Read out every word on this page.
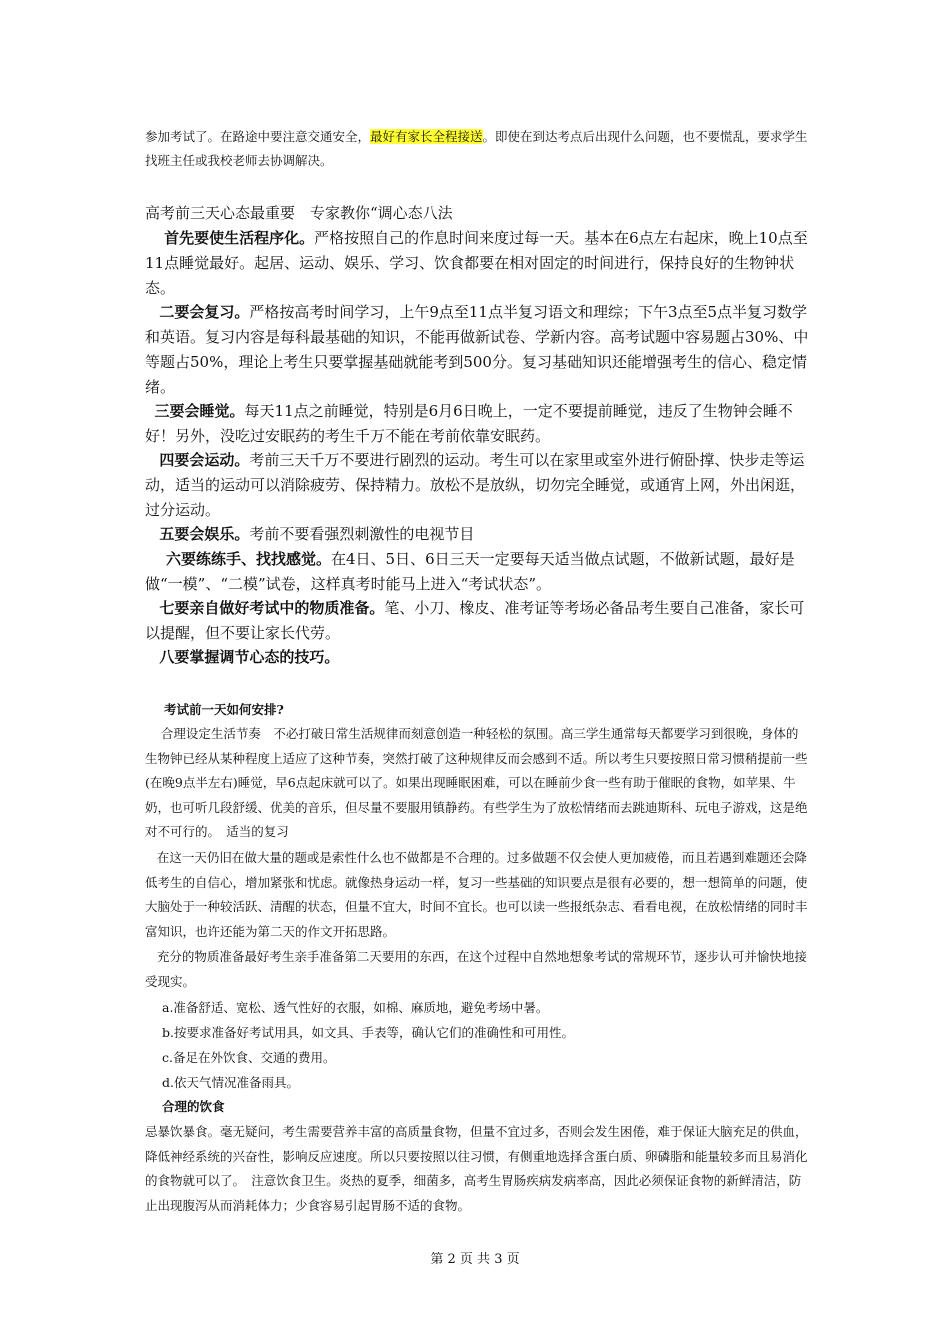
参加考试了。在路途中要注意交通安全，最好有家长全程接送。即使在到达考点后出现什么问题，也不要慌乱，要求学生找班主任或我校老师去协调解决。

高考前三天心态最重要　专家教你“调心态八法

首先要使生活程序化。严格按照自己的作息时间来度过每一天。基本在6点左右起床，晚上10点至11点睡觉最好。起居、运动、娱乐、学习、饮食都要在相对固定的时间进行，保持良好的生物钟状态。

二要会复习。严格按高考时间学习，上午9点至11点半复习语文和理综；下午3点至5点半复习数学和英语。复习内容是每科最基础的知识，不能再做新试卷、学新内容。高考试题中容易题占30%、中等题占50%，理论上考生只要掌握基础就能考到500分。复习基础知识还能增强考生的信心、稳定情绪。

三要会睡觉。每天11点之前睡觉，特别是6月6日晚上，一定不要提前睡觉，违反了生物钟会睡不好！另外，没吃过安眠药的考生千万不能在考前依靠安眠药。

四要会运动。考前三天千万不要进行剧烈的运动。考生可以在家里或室外进行俯卧撑、快步走等运动，适当的运动可以消除疲劳、保持精力。放松不是放纵，切勿完全睡觉，或通宵上网，外出闲逛，过分运动。

五要会娱乐。考前不要看强烈刺激性的电视节目

六要练练手、找找感觉。在4日、5日、6日三天一定要每天适当做点试题，不做新试题，最好是做“一模”、“二模”试卷，这样真考时能马上进入“考试状态”。

七要亲自做好考试中的物质准备。笔、小刀、橡皮、准考证等考场必备品考生要自己准备，家长可以提醒，但不要让家长代劳。

八要掌握调节心态的技巧。

考试前一天如何安排?

合理设定生活节奏　不必打破日常生活规律而刻意创造一种轻松的氛围。高三学生通常每天都要学习到很晚，身体的生物钟已经从某种程度上适应了这种节奏，突然打破了这种规律反而会感到不适。所以考生只要按照日常习惯稍提前一些(在晚9点半左右)睡觉，早6点起床就可以了。如果出现睡眠困难，可以在睡前少食一些有助于催眠的食物，如苹果、牛奶，也可听几段舒缓、优美的音乐，但尽量不要服用镇静药。有些学生为了放松情绪而去跳迪斯科、玩电子游戏，这是绝对不可行的。　适当的复习

在这一天仍旧在做大量的题或是索性什么也不做都是不合理的。过多做题不仅会使人更加疲倦，而且若遇到难题还会降低考生的自信心，增加紧张和忧虑。就像热身运动一样，复习一些基础的知识要点是很有必要的，想一想简单的问题，使大脑处于一种较活跃、清醒的状态，但量不宜大，时间不宜长。也可以读一些报纸杂志、看看电视，在放松情绪的同时丰富知识，也许还能为第二天的作文开拓思路。

充分的物质准备最好考生亲手准备第二天要用的东西，在这个过程中自然地想象考试的常规环节，逐步认可并愉快地接受现实。

a.准备舒适、宽松、透气性好的衣服，如棉、麻质地，避免考场中暑。

b.按要求准备好考试用具，如文具、手表等，确认它们的准确性和可用性。

c.备足在外饮食、交通的费用。

d.依天气情况准备雨具。

合理的饮食

忌暴饮暴食。毫无疑问，考生需要营养丰富的高质量食物，但量不宜过多，否则会发生困倦，难于保证大脑充足的供血，降低神经系统的兴奋性，影响反应速度。所以只要按照以往习惯，有侧重地选择含蛋白质、卵磷脂和能量较多而且易消化的食物就可以了。　注意饮食卫生。炎热的夏季，细菌多，高考生胃肠疾病发病率高，因此必须保证食物的新鲜清洁，防止出现腹泻从而消耗体力；少食容易引起胃肠不适的食物。

第 2 页 共 3 页
